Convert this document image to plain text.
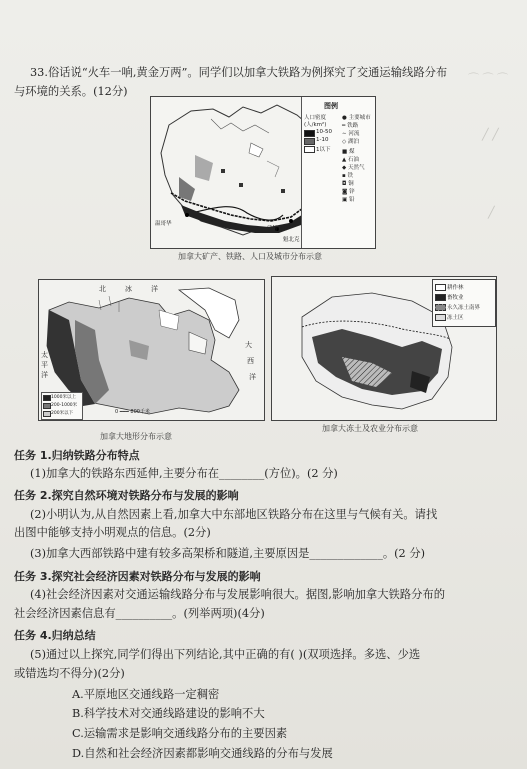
⌒ ⌒ ⌒
╱ ╱
╱
33.俗话说“火车一响,黄金万两”。同学们以加拿大铁路为例探究了交通运输线路分布
与环境的关系。(12分)
温哥华
蒙特利尔
魁北克
图例
人口密度
(人/km²)
10-50
1-10
1以下
● 主要城市
━ 铁路
∼ 河流
◇ 湖泊
■ 煤
▲ 石油
◆ 天然气
▪ 铁
◘ 铜
◙ 锌
▣ 铅
加拿大矿产、铁路、人口及城市分布示意
北	冰	洋
太
平
洋
大
西
洋
1000米以上
200-1000米
200米以下	0 ━━━ 800千米
加拿大地形分布示意
耕作林
畜牧业
永久冻土南界
冻土区
加拿大冻土及农业分布示意
任务 1.归纳铁路分布特点
(1)加拿大的铁路东西延伸,主要分布在________(方位)。(2 分)
任务 2.探究自然环境对铁路分布与发展的影响
(2)小明认为,从自然因素上看,加拿大中东部地区铁路分布在这里与气候有关。请找
出图中能够支持小明观点的信息。(2分)
(3)加拿大西部铁路中建有较多高架桥和隧道,主要原因是_____________。(2 分)
任务 3.探究社会经济因素对铁路分布与发展的影响
(4)社会经济因素对交通运输线路分布与发展影响很大。据图,影响加拿大铁路分布的
社会经济因素信息有__________。(列举两项)(4分)
任务 4.归纳总结
(5)通过以上探究,同学们得出下列结论,其中正确的有( )(双项选择。多选、少选
或错选均不得分)(2分)
A.平原地区交通线路一定稠密
B.科学技术对交通线路建设的影响不大
C.运输需求是影响交通线路分布的主要因素
D.自然和社会经济因素都影响交通线路的分布与发展
